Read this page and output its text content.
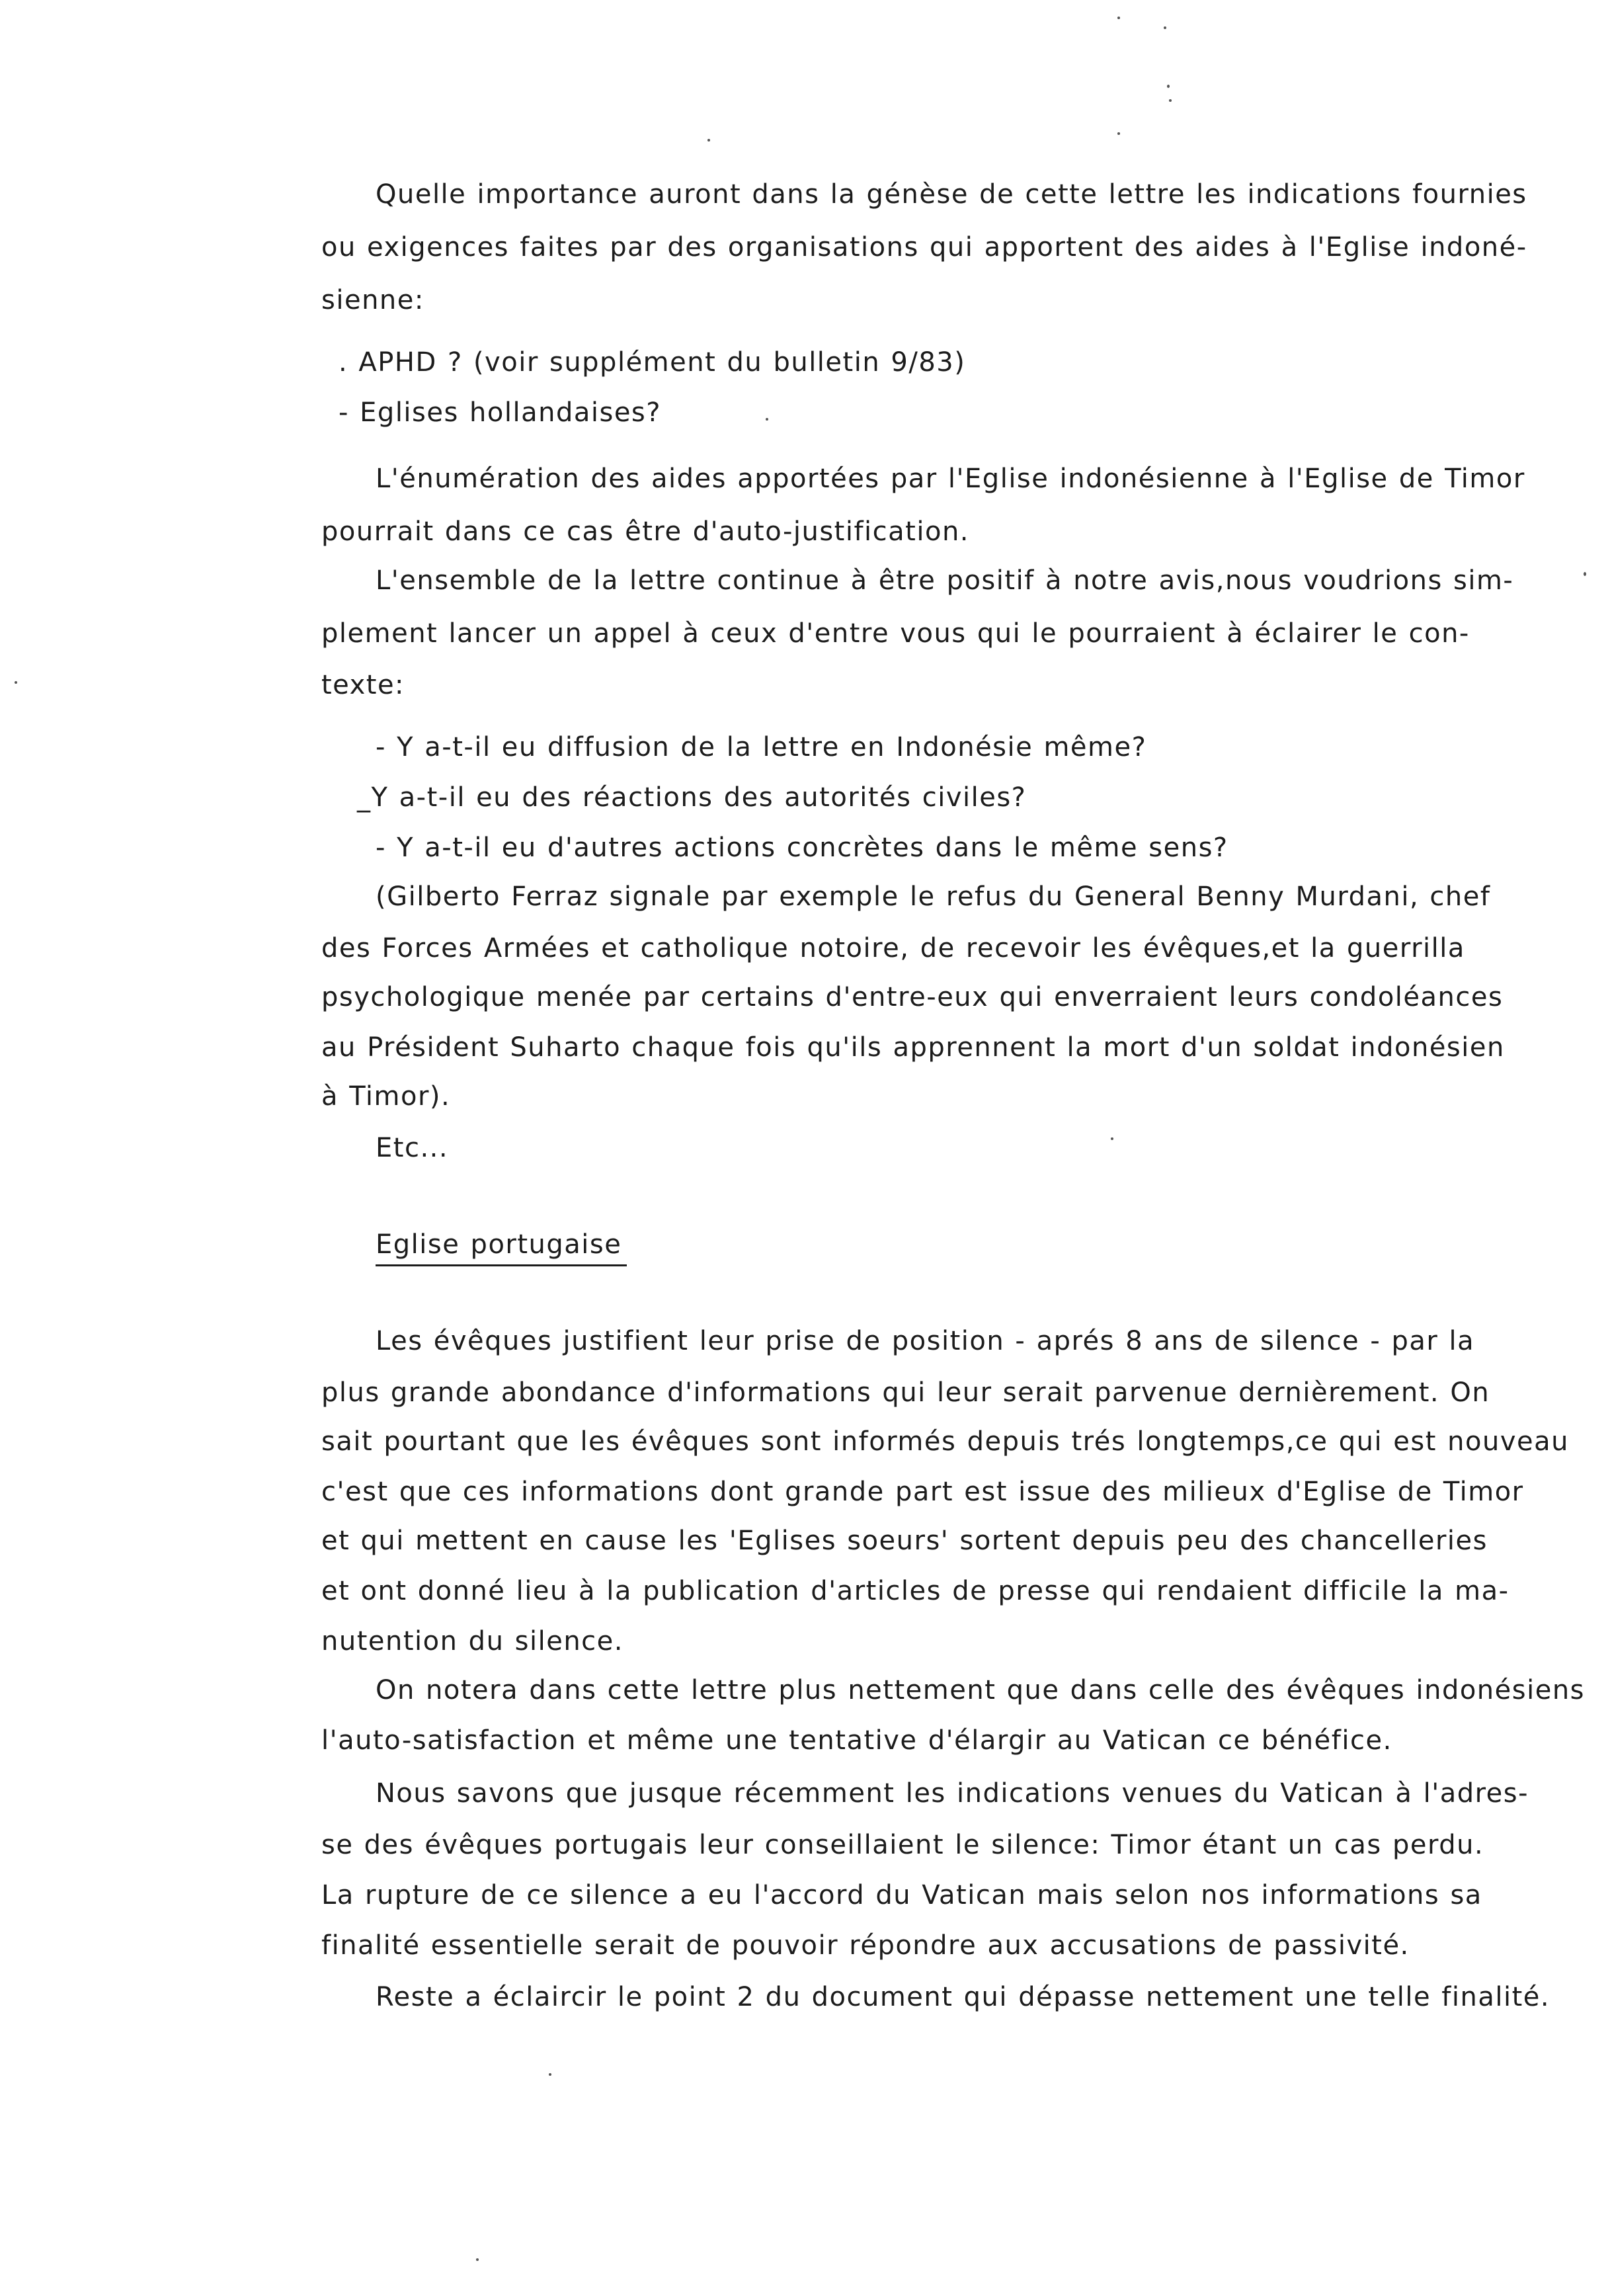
Quelle importance auront dans la génèse de cette lettre les indications fournies
ou exigences faites par des organisations qui apportent des aides à l'Eglise indoné-
sienne:
. APHD ? (voir supplément du bulletin 9/83)
- Eglises hollandaises?
L'énumération des aides apportées par l'Eglise indonésienne à l'Eglise de Timor
pourrait dans ce cas être d'auto-justification.
L'ensemble de la lettre continue à être positif à notre avis,nous voudrions sim-
plement lancer un appel à ceux d'entre vous qui le pourraient à éclairer le con-
texte:
- Y a-t-il eu diffusion de la lettre en Indonésie même?
_Y a-t-il eu des réactions des autorités civiles?
- Y a-t-il eu d'autres actions concrètes dans le même sens?
(Gilberto Ferraz signale par exemple le refus du General Benny Murdani, chef
des Forces Armées et catholique notoire, de recevoir les évêques,et la guerrilla
psychologique menée par certains d'entre-eux qui enverraient leurs condoléances
au Président Suharto chaque fois qu'ils apprennent la mort d'un soldat indonésien
à Timor).
Etc...
Eglise portugaise
Les évêques justifient leur prise de position - aprés 8 ans de silence - par la
plus grande abondance d'informations qui leur serait parvenue dernièrement. On
sait pourtant que les évêques sont informés depuis trés longtemps,ce qui est nouveau
c'est que ces informations dont grande part est issue des milieux d'Eglise de Timor
et qui mettent en cause les 'Eglises soeurs' sortent depuis peu des chancelleries
et ont donné lieu à la publication d'articles de presse qui rendaient difficile la ma-
nutention du silence.
On notera dans cette lettre plus nettement que dans celle des évêques indonésiens
l'auto-satisfaction et même une tentative d'élargir au Vatican ce bénéfice.
Nous savons que jusque récemment les indications venues du Vatican à l'adres-
se des évêques portugais leur conseillaient le silence: Timor étant un cas perdu.
La rupture de ce silence a eu l'accord du Vatican mais selon nos informations sa
finalité essentielle serait de pouvoir répondre aux accusations de passivité.
Reste a éclaircir le point 2 du document qui dépasse nettement une telle finalité.
